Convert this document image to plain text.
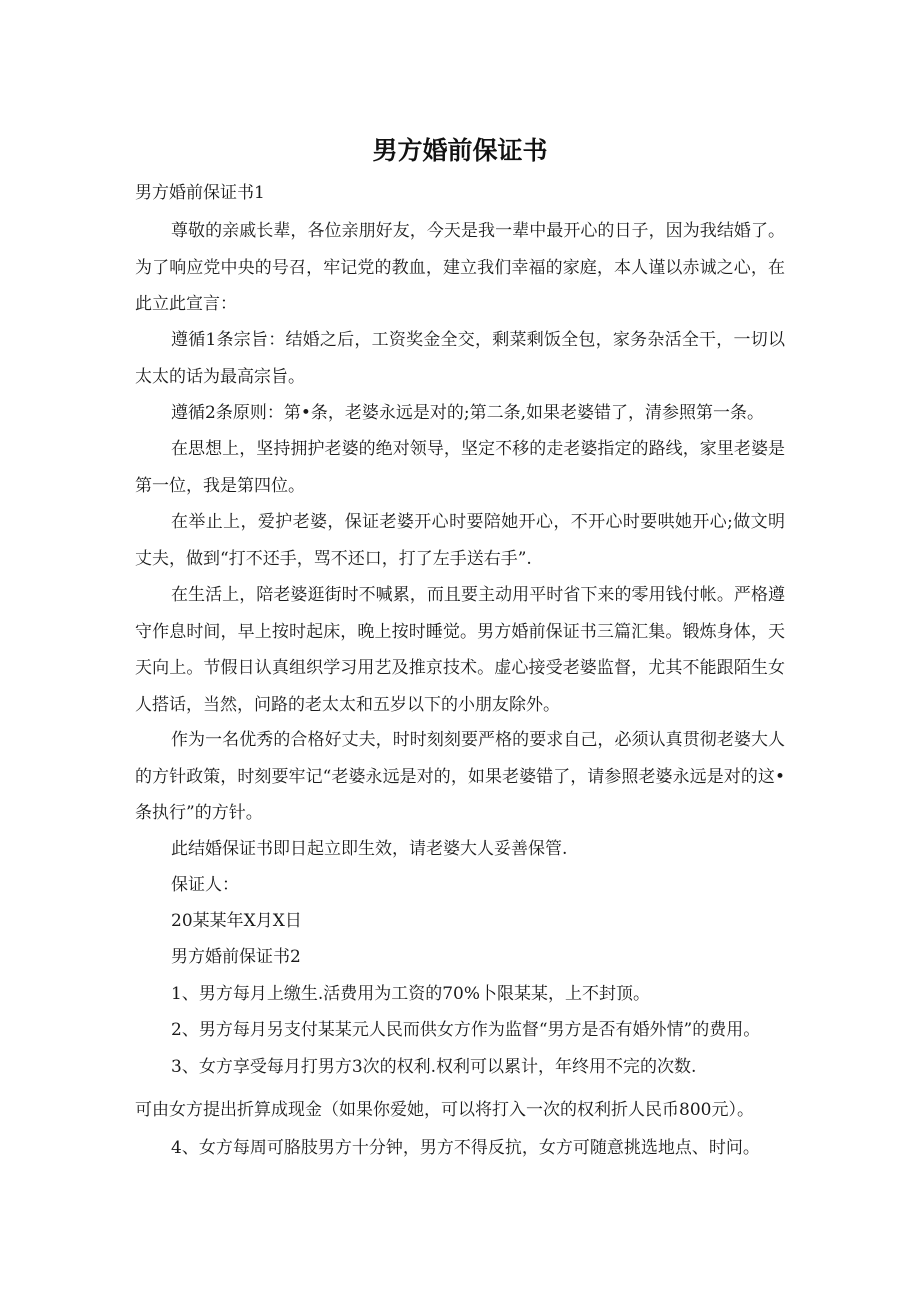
男方婚前保证书
男方婚前保证书1
尊敬的亲戚长辈，各位亲朋好友，今天是我一辈中最开心的日子，因为我结婚了。为了响应党中央的号召，牢记党的教血，建立我们幸福的家庭，本人谨以赤诚之心，在此立此宣言：
遵循1条宗旨：结婚之后，工资奖金全交，剩菜剩饭全包，家务杂活全干，一切以太太的话为最高宗旨。
遵循2条原则：第•条，老婆永远是对的;第二条,如果老婆错了，清参照第一条。
在思想上，坚持拥护老婆的绝对领导，坚定不移的走老婆指定的路线，家里老婆是第一位，我是第四位。
在举止上，爱护老婆，保证老婆开心时要陪她开心，不开心时要哄她开心;做文明丈夫，做到“打不还手，骂不还口，打了左手送右手”.
在生活上，陪老婆逛街时不喊累，而且要主动用平时省下来的零用钱付帐。严格遵守作息时间，早上按时起床，晚上按时睡觉。男方婚前保证书三篇汇集。锻炼身体，天天向上。节假日认真组织学习用艺及推京技术。虚心接受老婆监督，尤其不能跟陌生女人搭话，当然，问路的老太太和五岁以下的小朋友除外。
作为一名优秀的合格好丈夫，时时刻刻要严格的要求自己，必须认真贯彻老婆大人的方针政策，时刻要牢记“老婆永远是对的，如果老婆错了，请参照老婆永远是对的这•条执行”的方针。
此结婚保证书即日起立即生效，请老婆大人妥善保管.
保证人：
20某某年X月X日
男方婚前保证书2
1、男方每月上缴生.活费用为工资的70%卜限某某，上不封顶。
2、男方每月另支付某某元人民而供女方作为监督“男方是否有婚外情”的费用。
3、女方享受每月打男方3次的权利.权利可以累计，年终用不完的次数.
可由女方提出折算成现金（如果你爱她，可以将打入一次的权利折人民币800元）。
4、女方每周可胳肢男方十分钟，男方不得反抗，女方可随意挑选地点、时问。
